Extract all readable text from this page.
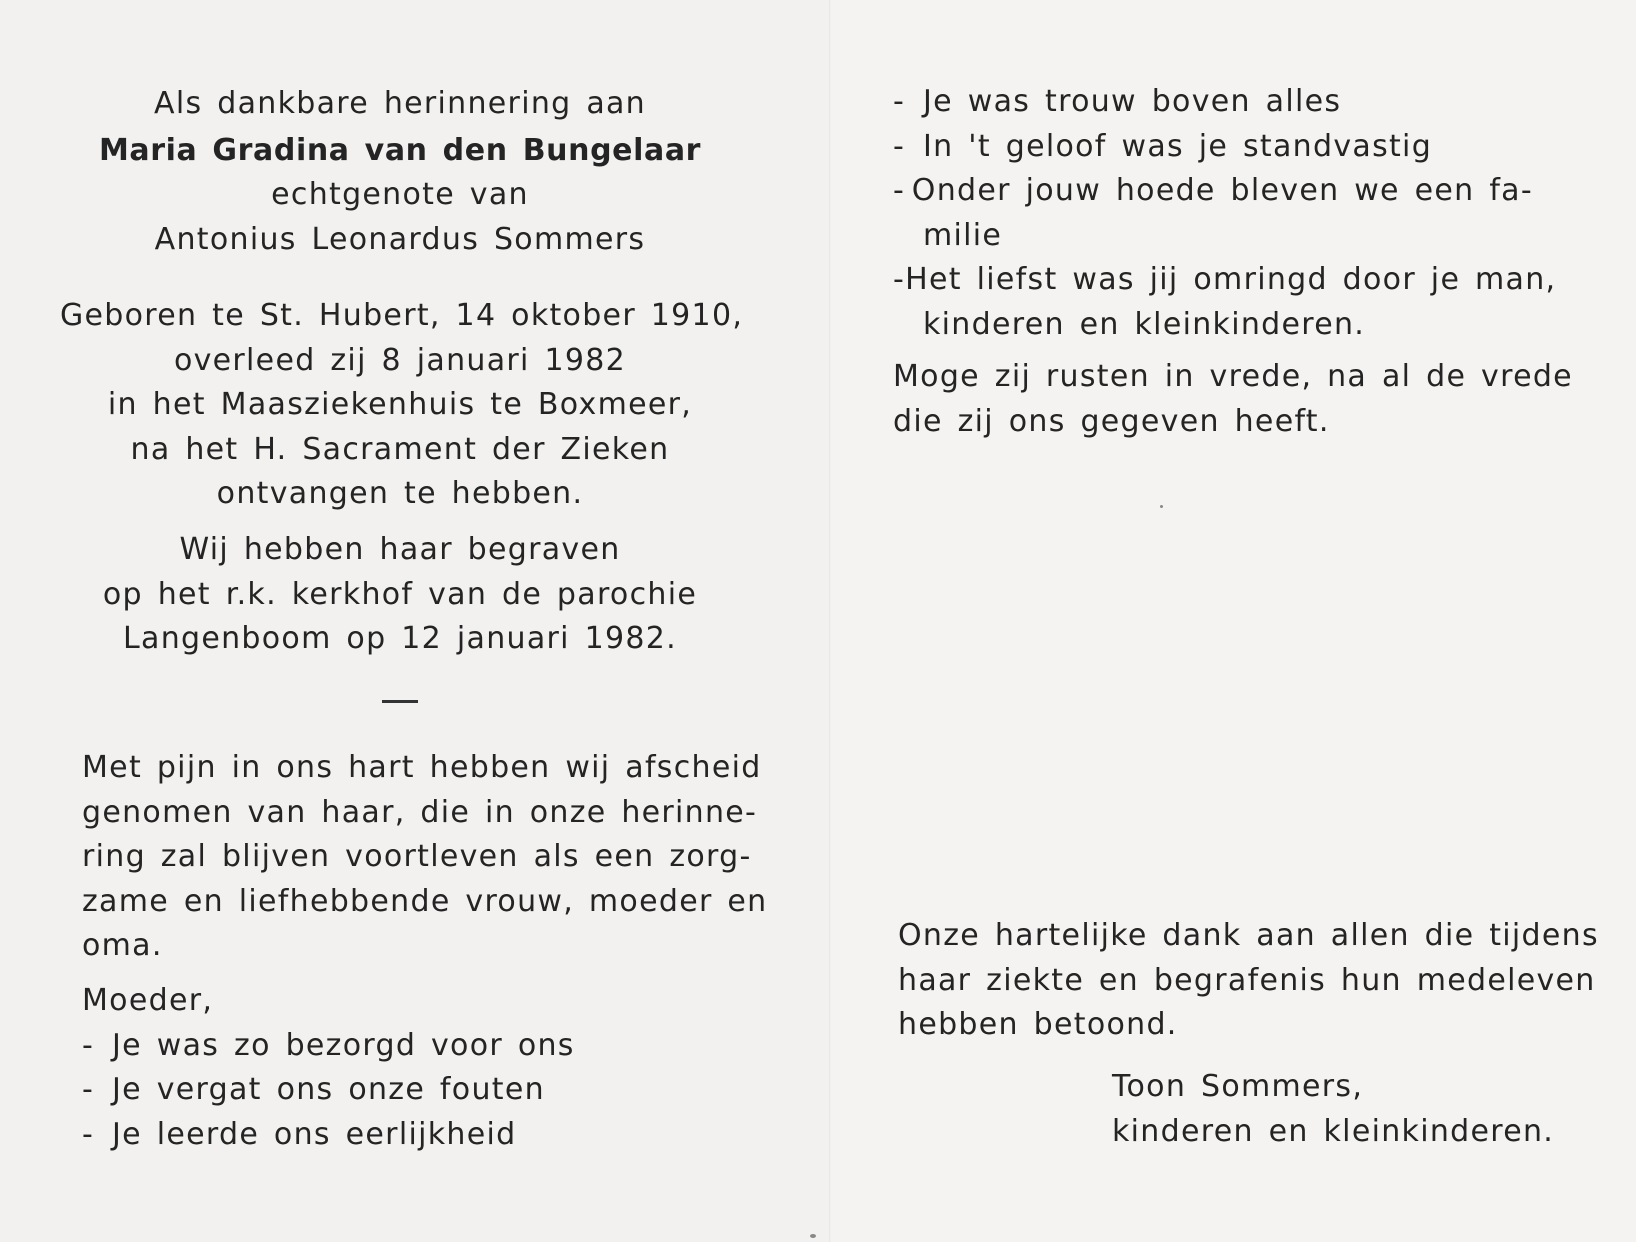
Als dankbare herinnering aan
Maria Gradina van den Bungelaar
echtgenote van
Antonius Leonardus Sommers
Geboren te St. Hubert, 14 oktober 1910,
overleed zij 8 januari 1982
in het Maasziekenhuis te Boxmeer,
na het H. Sacrament der Zieken
ontvangen te hebben.
Wij hebben haar begraven
op het r.k. kerkhof van de parochie
Langenboom op 12 januari 1982.
Met pijn in ons hart hebben wij afscheid
genomen van haar, die in onze herinne-
ring zal blijven voortleven als een zorg-
zame en liefhebbende vrouw, moeder en
oma.
Moeder,
- Je was zo bezorgd voor ons
- Je vergat ons onze fouten
- Je leerde ons eerlijkheid
- Je was trouw boven alles
- In 't geloof was je standvastig
- Onder jouw hoede bleven we een fa-
milie
- Het liefst was jij omringd door je man,
kinderen en kleinkinderen.
Moge zij rusten in vrede, na al de vrede
die zij ons gegeven heeft.
Onze hartelijke dank aan allen die tijdens
haar ziekte en begrafenis hun medeleven
hebben betoond.
Toon Sommers,
kinderen en kleinkinderen.
